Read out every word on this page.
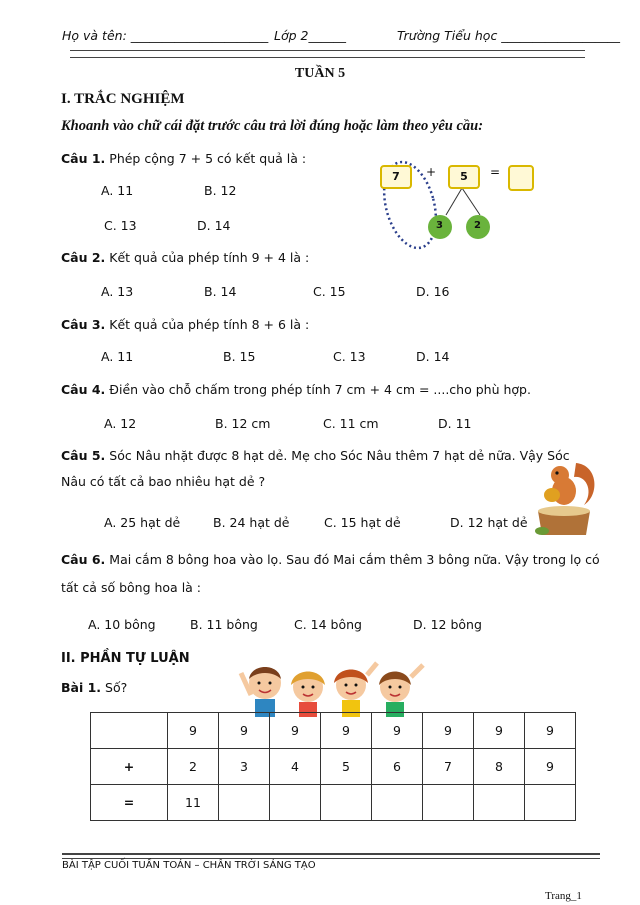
Họ và tên: ______________________ Lớp 2______	Trường Tiểu học ___________________
TUẦN 5
I. TRẮC NGHIỆM
Khoanh vào chữ cái đặt trước câu trả lời đúng hoặc làm theo yêu cầu:
Câu 1. Phép cộng 7 + 5 có kết quả là :
A. 11	B. 12
C. 13	D. 14
7	+	5	=
3	2
Câu 2. Kết quả của phép tính 9 + 4 là :
A. 13	B. 14	C. 15	D. 16
Câu 3. Kết quả của phép tính 8 + 6 là :
A. 11	B. 15	C. 13	D. 14
Câu 4. Điền vào chỗ chấm trong phép tính 7 cm + 4 cm = ....cho phù hợp.
A. 12	B. 12 cm	C. 11 cm	D. 11
Câu 5. Sóc Nâu nhặt được 8 hạt dẻ. Mẹ cho Sóc Nâu thêm 7 hạt dẻ nữa. Vậy Sóc
Nâu có tất cả bao nhiêu hạt dẻ ?
A. 25 hạt dẻ	B. 24 hạt dẻ	C. 15 hạt dẻ	D. 12 hạt dẻ
Câu 6. Mai cắm 8 bông hoa vào lọ. Sau đó Mai cắm thêm 3 bông nữa. Vậy trong lọ có
tất cả số bông hoa là :
A. 10 bông	B. 11 bông	C. 14 bông	D. 12 bông
II. PHẦN TỰ LUẬN
Bài 1. Số?
	9	9	9	9	9	9	9	9
+	2	3	4	5	6	7	8	9
=	11							
BÀI TẬP CUỐI TUẦN TOÁN – CHÂN TRỜI SÁNG TẠO
Trang_1
